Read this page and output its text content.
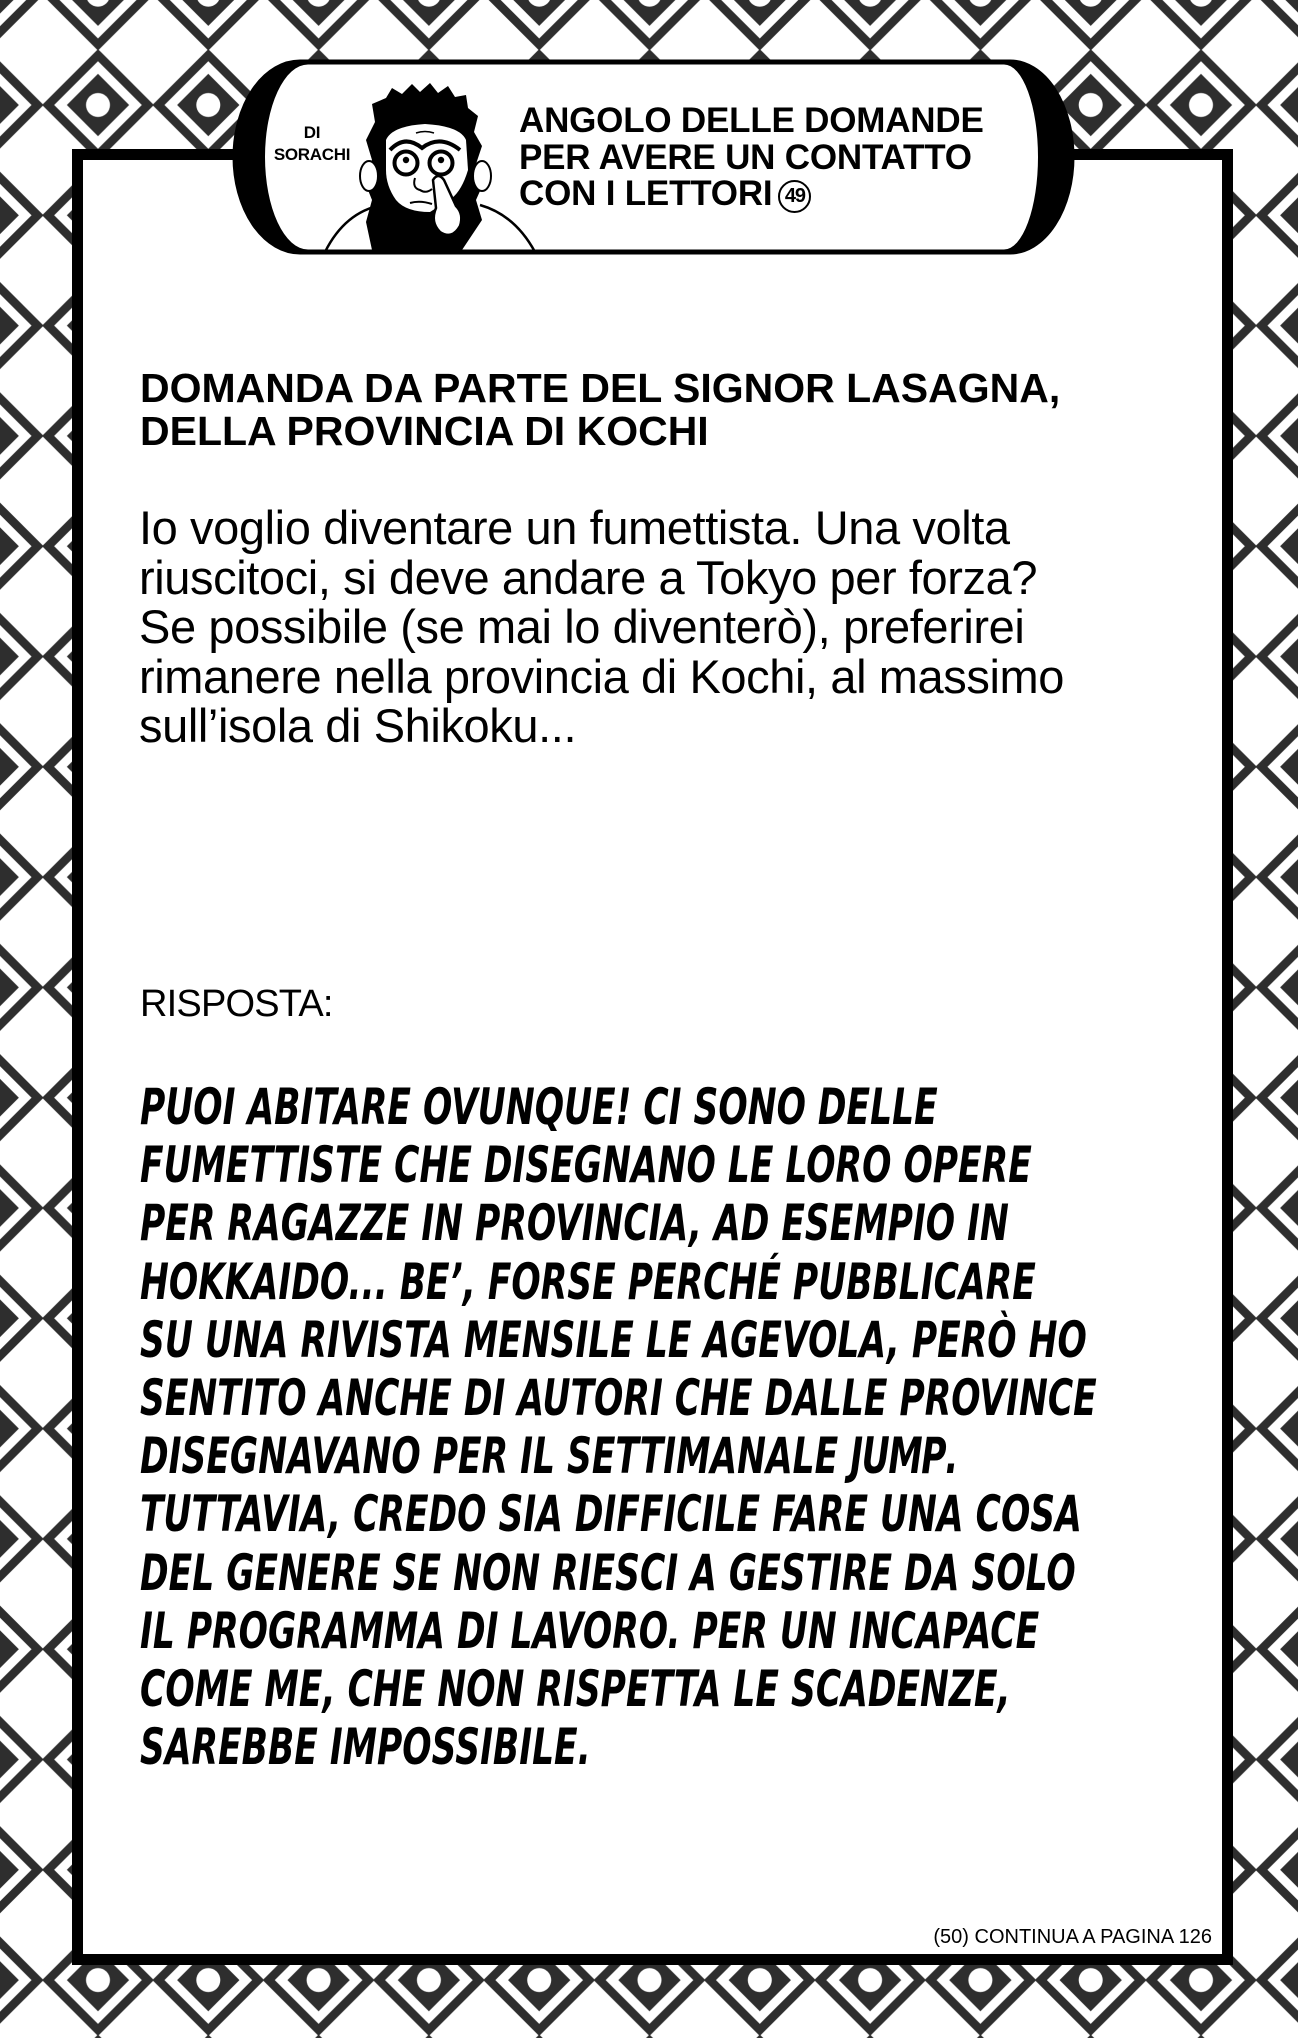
DI
SORACHI
ANGOLO DELLE DOMANDE
PER AVERE UN CONTATTO
CON I LETTORI 49
DOMANDA DA PARTE DEL SIGNOR LASAGNA,
DELLA PROVINCIA DI KOCHI
Io voglio diventare un fumettista. Una volta
riuscitoci, si deve andare a Tokyo per forza?
Se possibile (se mai lo diventerò), preferirei
rimanere nella provincia di Kochi, al massimo
sull’isola di Shikoku...
RISPOSTA:
PUOI ABITARE OVUNQUE! CI SONO DELLE
FUMETTISTE CHE DISEGNANO LE LORO OPERE
PER RAGAZZE IN PROVINCIA, AD ESEMPIO IN
HOKKAIDO... BE’, FORSE PERCHÉ PUBBLICARE
SU UNA RIVISTA MENSILE LE AGEVOLA, PERÒ HO
SENTITO ANCHE DI AUTORI CHE DALLE PROVINCE
DISEGNAVANO PER IL SETTIMANALE JUMP.
TUTTAVIA, CREDO SIA DIFFICILE FARE UNA COSA
DEL GENERE SE NON RIESCI A GESTIRE DA SOLO
IL PROGRAMMA DI LAVORO. PER UN INCAPACE
COME ME, CHE NON RISPETTA LE SCADENZE,
SAREBBE IMPOSSIBILE.
(50) CONTINUA A PAGINA 126
